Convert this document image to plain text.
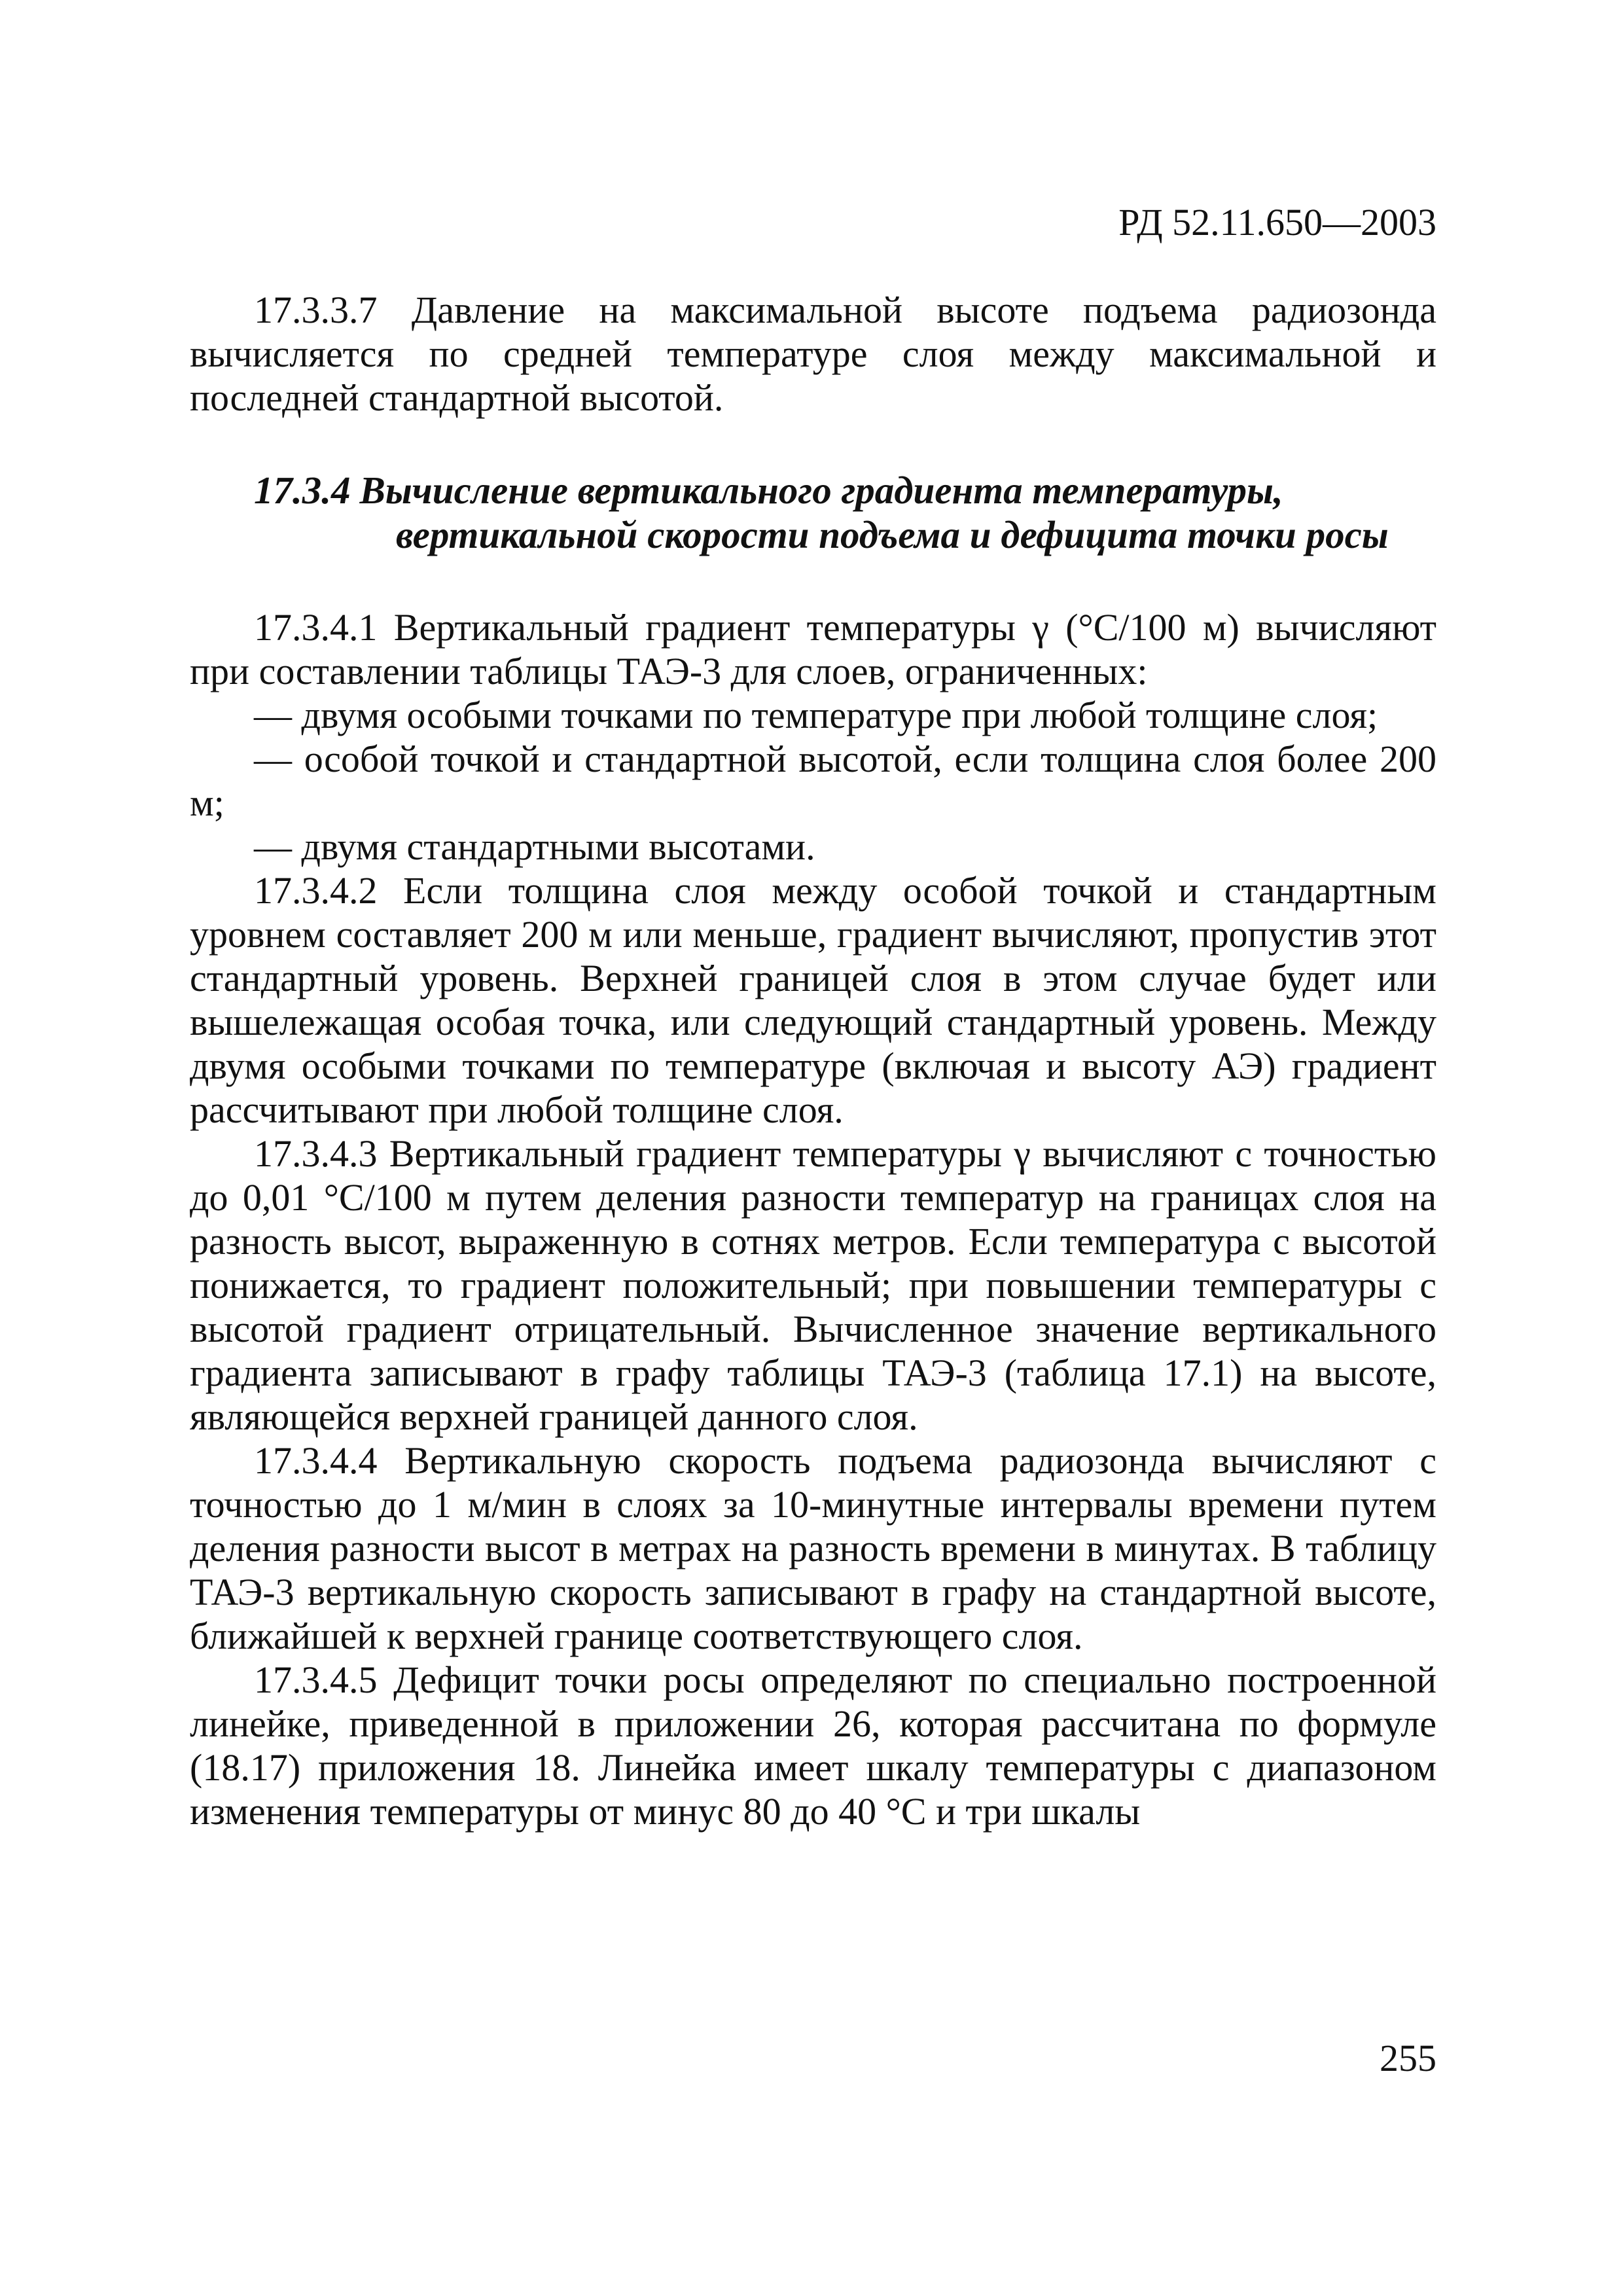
РД 52.11.650—2003

17.3.3.7 Давление на максимальной высоте подъема радиозонда вычисляется по средней температуре слоя между максимальной и последней стандартной высотой.

17.3.4 Вычисление вертикального градиента температуры,
вертикальной скорости подъема и дефицита точки росы

17.3.4.1 Вертикальный градиент температуры γ (°С/100 м) вычисляют при составлении таблицы ТАЭ-3 для слоев, ограниченных:

— двумя особыми точками по температуре при любой толщине слоя;

— особой точкой и стандартной высотой, если толщина слоя более 200 м;

— двумя стандартными высотами.

17.3.4.2 Если толщина слоя между особой точкой и стандартным уровнем составляет 200 м или меньше, градиент вычисляют, пропустив этот стандартный уровень. Верхней границей слоя в этом случае будет или вышележащая особая точка, или следующий стандартный уровень. Между двумя особыми точками по температуре (включая и высоту АЭ) градиент рассчитывают при любой толщине слоя.

17.3.4.3 Вертикальный градиент температуры γ вычисляют с точностью до 0,01 °С/100 м путем деления разности температур на границах слоя на разность высот, выраженную в сотнях метров. Если температура с высотой понижается, то градиент положительный; при повышении температуры с высотой градиент отрицательный. Вычисленное значение вертикального градиента записывают в графу таблицы ТАЭ-3 (таблица 17.1) на высоте, являющейся верхней границей данного слоя.

17.3.4.4 Вертикальную скорость подъема радиозонда вычисляют с точностью до 1 м/мин в слоях за 10-минутные интервалы времени путем деления разности высот в метрах на разность времени в минутах. В таблицу ТАЭ-3 вертикальную скорость записывают в графу на стандартной высоте, ближайшей к верхней границе соответствующего слоя.

17.3.4.5 Дефицит точки росы определяют по специально построенной линейке, приведенной в приложении 26, которая рассчитана по формуле (18.17) приложения 18. Линейка имеет шкалу температуры с диапазоном изменения температуры от минус 80 до 40 °С и три шкалы

255
